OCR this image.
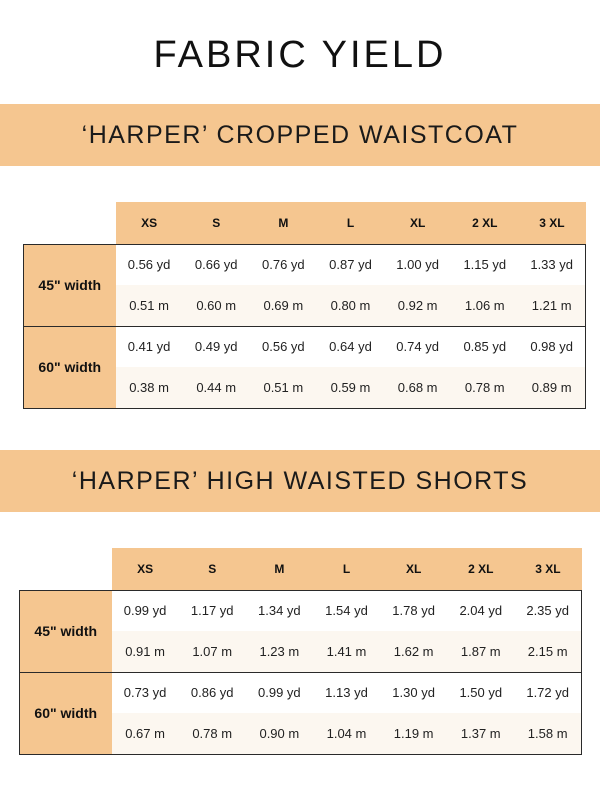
FABRIC YIELD
‘HARPER’ CROPPED WAISTCOAT
	XS	S	M	L	XL	2 XL	3 XL
45" width	0.56 yd	0.66 yd	0.76 yd	0.87 yd	1.00 yd	1.15 yd	1.33 yd
	0.51 m	0.60 m	0.69 m	0.80 m	0.92 m	1.06 m	1.21 m
60" width	0.41 yd	0.49 yd	0.56 yd	0.64 yd	0.74 yd	0.85 yd	0.98 yd
	0.38 m	0.44 m	0.51 m	0.59 m	0.68 m	0.78 m	0.89 m
‘HARPER’ HIGH WAISTED SHORTS
	XS	S	M	L	XL	2 XL	3 XL
45" width	0.99 yd	1.17 yd	1.34 yd	1.54 yd	1.78 yd	2.04 yd	2.35 yd
	0.91 m	1.07 m	1.23 m	1.41 m	1.62 m	1.87 m	2.15 m
60" width	0.73 yd	0.86 yd	0.99 yd	1.13 yd	1.30 yd	1.50 yd	1.72 yd
	0.67 m	0.78 m	0.90 m	1.04 m	1.19 m	1.37 m	1.58 m
